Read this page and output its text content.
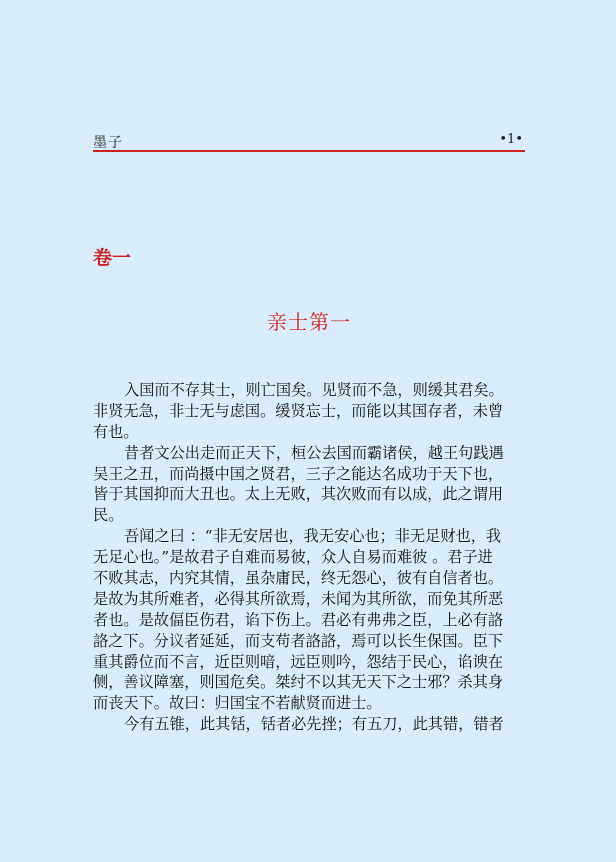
墨子	•1•
卷一
亲士第一
入国而不存其士，则亡国矣。见贤而不急，则缓其君矣。
非贤无急，非士无与虑国。缓贤忘士，而能以其国存者，未曾
有也。
昔者文公出走而正天下，桓公去国而霸诸侯，越王句践遇
吴王之丑，而尚摄中国之贤君，三子之能达名成功于天下也，
皆于其国抑而大丑也。太上无败，其次败而有以成，此之谓用
民。
吾闻之曰 ：“非无安居也，我无安心也；非无足财也，我
无足心也。”是故君子自难而易彼，众人自易而难彼 。君子进
不败其志，内究其情，虽杂庸民，终无怨心，彼有自信者也。
是故为其所难者，必得其所欲焉，未闻为其所欲，而免其所恶
者也。是故偪臣伤君，谄下伤上。君必有弗弗之臣，上必有詻
詻之下。分议者延延，而支苟者詻詻，焉可以长生保国。臣下
重其爵位而不言，近臣则喑，远臣则吟，怨结于民心，谄谀在
侧，善议障塞，则国危矣。桀纣不以其无天下之士邪？杀其身
而丧天下。故曰：归国宝不若献贤而进士。
今有五锥，此其铦，铦者必先挫；有五刀，此其错，错者
